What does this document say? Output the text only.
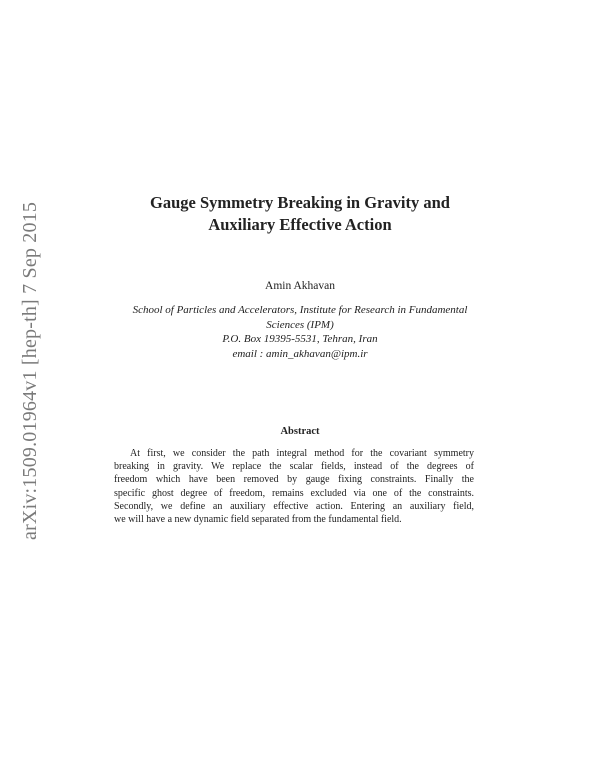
arXiv:1509.01964v1 [hep-th] 7 Sep 2015	Gauge Symmetry Breaking in Gravity and
Auxiliary Effective Action
Amin Akhavan
School of Particles and Accelerators, Institute for Research in Fundamental
Sciences (IPM)
P.O. Box 19395-5531, Tehran, Iran
email : amin_akhavan@ipm.ir
Abstract
At first, we consider the path integral method for the covariant symmetry
breaking in gravity. We replace the scalar fields, instead of the degrees of
freedom which have been removed by gauge fixing constraints. Finally the
specific ghost degree of freedom, remains excluded via one of the constraints.
Secondly, we define an auxiliary effective action. Entering an auxiliary field,
we will have a new dynamic field separated from the fundamental field.
